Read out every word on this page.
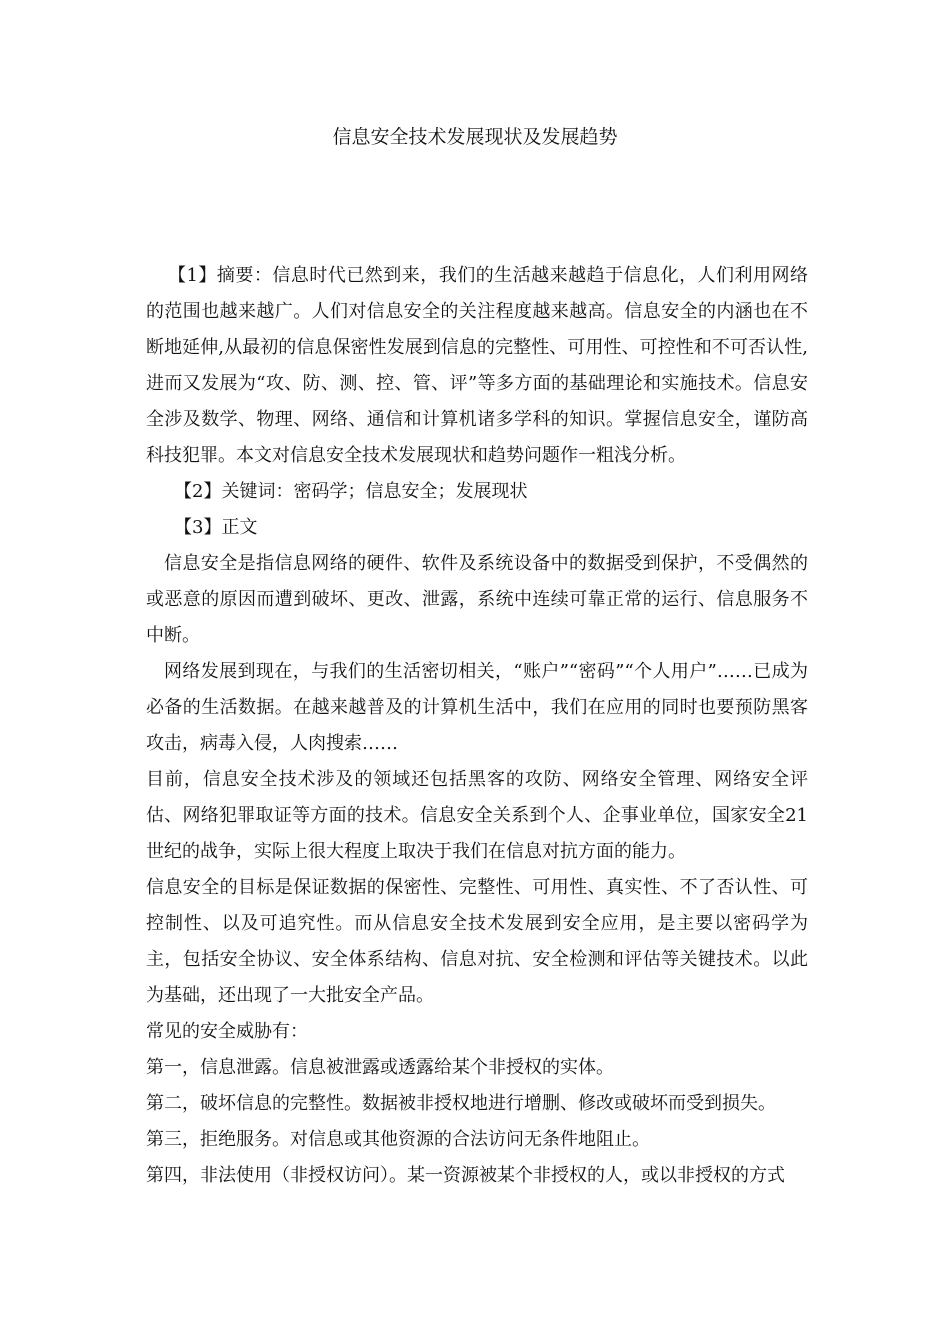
信息安全技术发展现状及发展趋势

【1】摘要：信息时代已然到来，我们的生活越来越趋于信息化，人们利用网络的范围也越来越广。人们对信息安全的关注程度越来越高。信息安全的内涵也在不断地延伸,从最初的信息保密性发展到信息的完整性、可用性、可控性和不可否认性,进而又发展为“攻、防、测、控、管、评”等多方面的基础理论和实施技术。信息安全涉及数学、物理、网络、通信和计算机诸多学科的知识。掌握信息安全，谨防高科技犯罪。本文对信息安全技术发展现状和趋势问题作一粗浅分析。

【2】关键词：密码学；信息安全；发展现状

【3】正文

信息安全是指信息网络的硬件、软件及系统设备中的数据受到保护，不受偶然的或恶意的原因而遭到破坏、更改、泄露，系统中连续可靠正常的运行、信息服务不中断。

网络发展到现在，与我们的生活密切相关，“账户”“密码”“个人用户”……已成为必备的生活数据。在越来越普及的计算机生活中，我们在应用的同时也要预防黑客攻击，病毒入侵，人肉搜索……

目前，信息安全技术涉及的领域还包括黑客的攻防、网络安全管理、网络安全评估、网络犯罪取证等方面的技术。信息安全关系到个人、企事业单位，国家安全21世纪的战争，实际上很大程度上取决于我们在信息对抗方面的能力。

信息安全的目标是保证数据的保密性、完整性、可用性、真实性、不了否认性、可控制性、以及可追究性。而从信息安全技术发展到安全应用，是主要以密码学为主，包括安全协议、安全体系结构、信息对抗、安全检测和评估等关键技术。以此为基础，还出现了一大批安全产品。

常见的安全威胁有：

第一，信息泄露。信息被泄露或透露给某个非授权的实体。

第二，破坏信息的完整性。数据被非授权地进行增删、修改或破坏而受到损失。

第三，拒绝服务。对信息或其他资源的合法访问无条件地阻止。

第四，非法使用（非授权访问）。某一资源被某个非授权的人，或以非授权的方式
